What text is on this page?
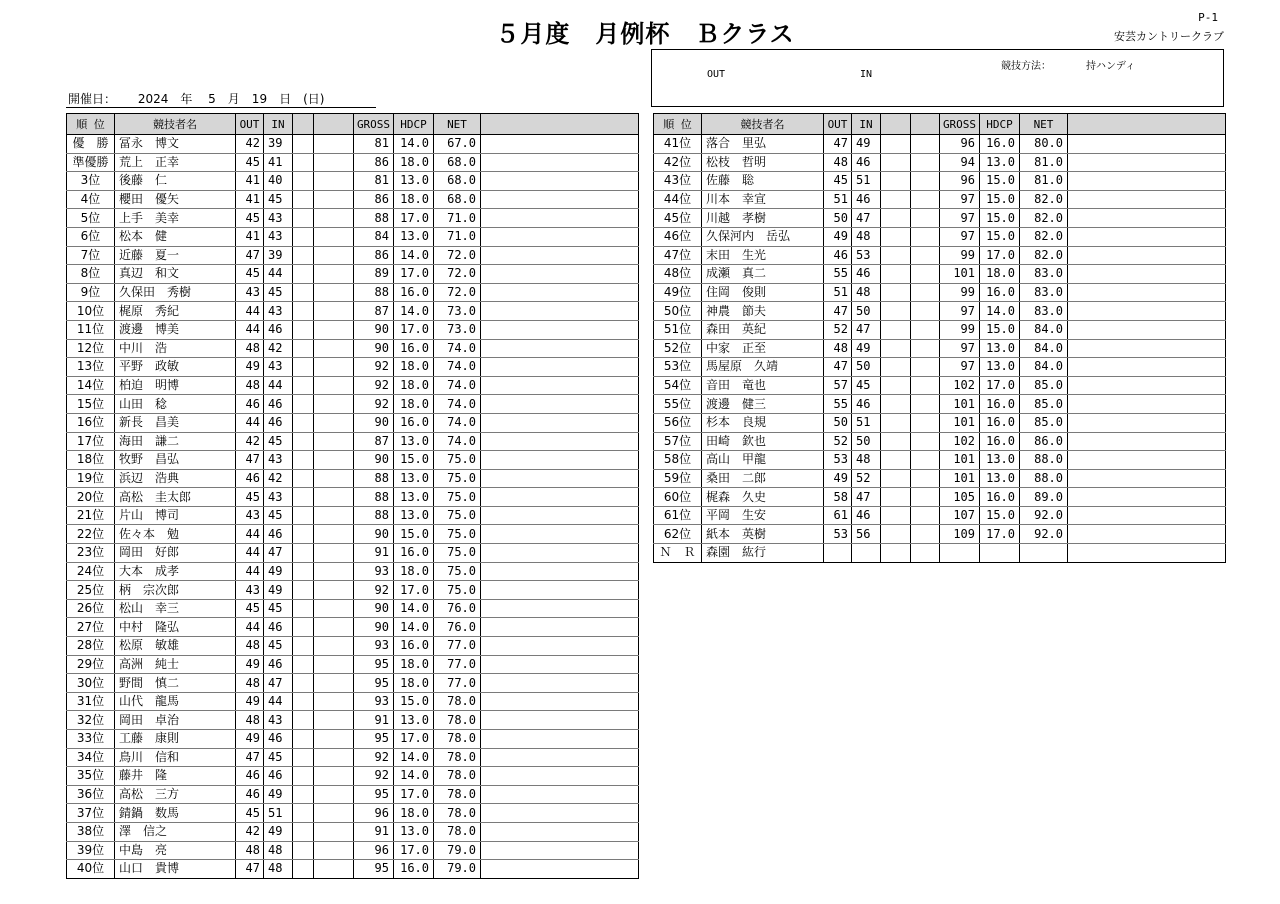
５月度　月例杯　Ｂクラス
P-1
安芸カントリークラブ
OUT	IN
競技方法：	持ハンディ
開催日：　　 2024　年　 5　月　19　日　(日)
順 位	競技者名	OUT	IN			GROSS	HDCP	NET	
優　勝	冨永　博文	42	39			81	14.0	67.0	
準優勝	荒上　正幸	45	41			86	18.0	68.0	
3位	後藤　仁	41	40			81	13.0	68.0	
4位	櫻田　優矢	41	45			86	18.0	68.0	
5位	上手　美幸	45	43			88	17.0	71.0	
6位	松本　健	41	43			84	13.0	71.0	
7位	近藤　夏一	47	39			86	14.0	72.0	
8位	真辺　和文	45	44			89	17.0	72.0	
9位	久保田　秀樹	43	45			88	16.0	72.0	
10位	梶原　秀紀	44	43			87	14.0	73.0	
11位	渡邊　博美	44	46			90	17.0	73.0	
12位	中川　浩	48	42			90	16.0	74.0	
13位	平野　政敏	49	43			92	18.0	74.0	
14位	柏迫　明博	48	44			92	18.0	74.0	
15位	山田　稔	46	46			92	18.0	74.0	
16位	新長　昌美	44	46			90	16.0	74.0	
17位	海田　謙二	42	45			87	13.0	74.0	
18位	牧野　昌弘	47	43			90	15.0	75.0	
19位	浜辺　浩典	46	42			88	13.0	75.0	
20位	高松　圭太郎	45	43			88	13.0	75.0	
21位	片山　博司	43	45			88	13.0	75.0	
22位	佐々本　勉	44	46			90	15.0	75.0	
23位	岡田　好郎	44	47			91	16.0	75.0	
24位	大本　成孝	44	49			93	18.0	75.0	
25位	柄　宗次郎	43	49			92	17.0	75.0	
26位	松山　幸三	45	45			90	14.0	76.0	
27位	中村　隆弘	44	46			90	14.0	76.0	
28位	松原　敏雄	48	45			93	16.0	77.0	
29位	高洲　純士	49	46			95	18.0	77.0	
30位	野間　慎二	48	47			95	18.0	77.0	
31位	山代　龍馬	49	44			93	15.0	78.0	
32位	岡田　卓治	48	43			91	13.0	78.0	
33位	工藤　康則	49	46			95	17.0	78.0	
34位	鳥川　信和	47	45			92	14.0	78.0	
35位	藤井　隆	46	46			92	14.0	78.0	
36位	高松　三方	46	49			95	17.0	78.0	
37位	錆鍋　数馬	45	51			96	18.0	78.0	
38位	澤　信之	42	49			91	13.0	78.0	
39位	中島　亮	48	48			96	17.0	79.0	
40位	山口　貴博	47	48			95	16.0	79.0	
順 位	競技者名	OUT	IN			GROSS	HDCP	NET	
41位	落合　里弘	47	49			96	16.0	80.0	
42位	松枝　哲明	48	46			94	13.0	81.0	
43位	佐藤　聡	45	51			96	15.0	81.0	
44位	川本　幸宣	51	46			97	15.0	82.0	
45位	川越　孝樹	50	47			97	15.0	82.0	
46位	久保河内　岳弘	49	48			97	15.0	82.0	
47位	末田　生光	46	53			99	17.0	82.0	
48位	成瀬　真二	55	46			101	18.0	83.0	
49位	住岡　俊則	51	48			99	16.0	83.0	
50位	神農　節夫	47	50			97	14.0	83.0	
51位	森田　英紀	52	47			99	15.0	84.0	
52位	中家　正至	48	49			97	13.0	84.0	
53位	馬屋原　久靖	47	50			97	13.0	84.0	
54位	音田　竜也	57	45			102	17.0	85.0	
55位	渡邊　健三	55	46			101	16.0	85.0	
56位	杉本　良規	50	51			101	16.0	85.0	
57位	田崎　欽也	52	50			102	16.0	86.0	
58位	高山　甲龍	53	48			101	13.0	88.0	
59位	桑田　二郎	49	52			101	13.0	88.0	
60位	梶森　久史	58	47			105	16.0	89.0	
61位	平岡　生安	61	46			107	15.0	92.0	
62位	紙本　英樹	53	56			109	17.0	92.0	
Ｎ　Ｒ	森園　紘行								
